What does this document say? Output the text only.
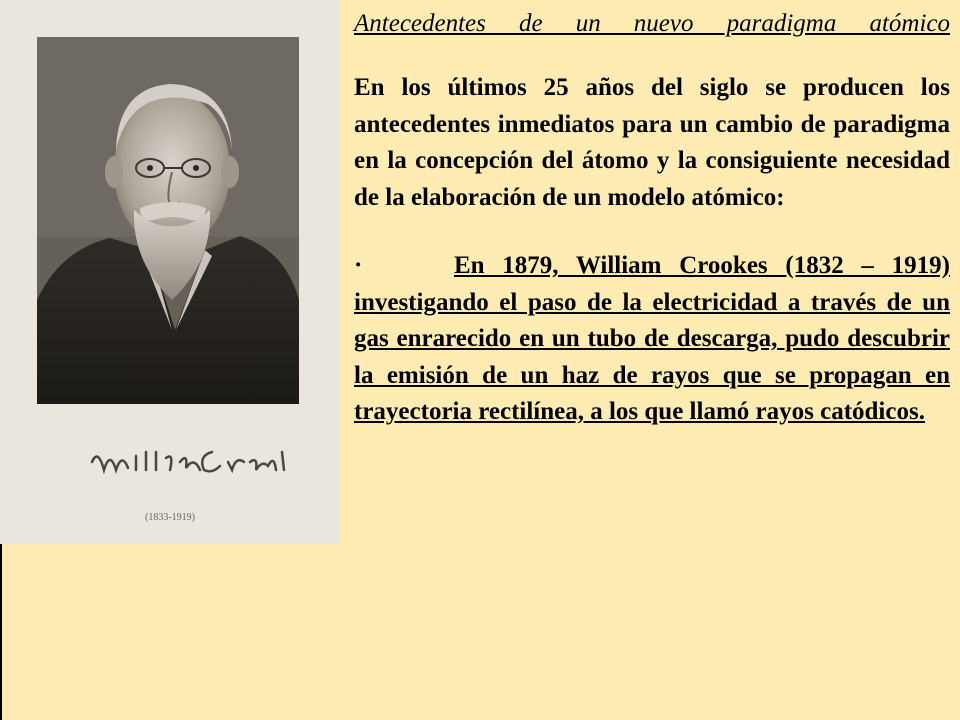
(1833-1919)

Antecedentes de un nuevo paradigma atómico

En los últimos 25 años del siglo se producen los antecedentes inmediatos para un cambio de paradigma en la concepción del átomo y la consiguiente necesidad de la elaboración de un modelo atómico:

·	En 1879, William Crookes (1832 – 1919) investigando el paso de la electricidad a través de un gas enrarecido en un tubo de descarga, pudo descubrir la emisión de un haz de rayos que se propagan en trayectoria rectilínea, a los que llamó rayos catódicos.
